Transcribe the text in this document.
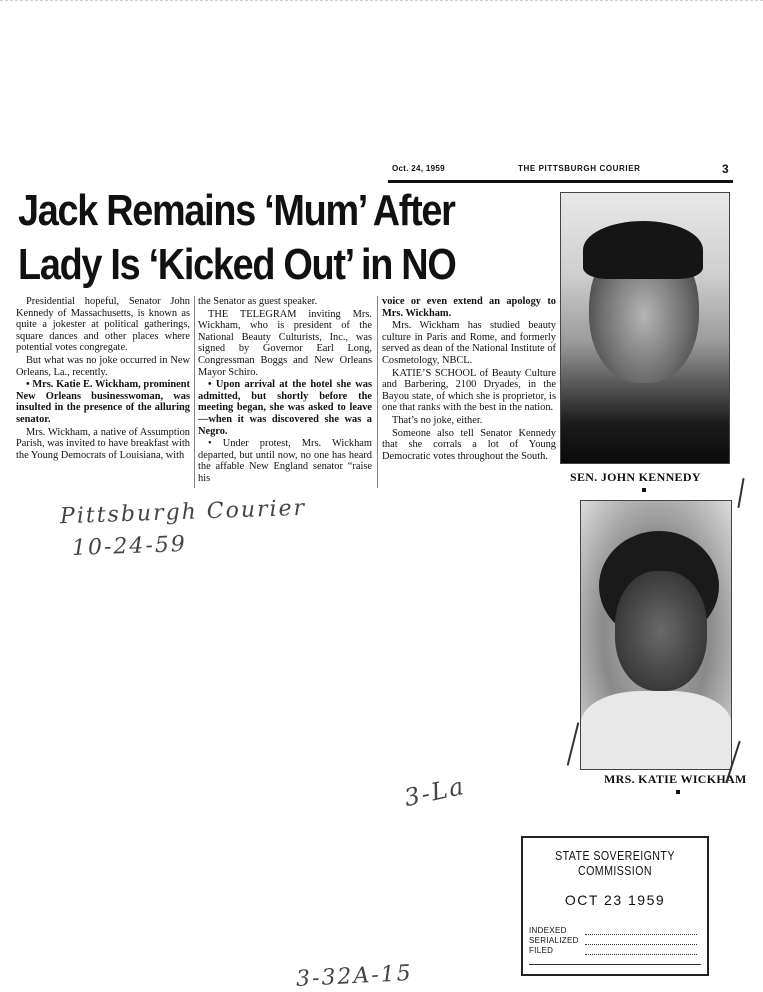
Oct. 24, 1959	THE PITTSBURGH COURIER	3
Jack Remains ‘Mum’ After
Lady Is ‘Kicked Out’ in NO

Presidential hopeful, Senator John Kennedy of Massachusetts, is known as quite a jokester at political gatherings, square dances and other places where potential votes congregate.

But what was no joke occurred in New Orleans, La., recently.

• Mrs. Katie E. Wickham, prominent New Orleans businesswoman, was insulted in the presence of the alluring senator.

Mrs. Wickham, a native of Assumption Parish, was invited to have breakfast with the Young Democrats of Louisiana, with

the Senator as guest speaker.

THE TELEGRAM inviting Mrs. Wickham, who is president of the National Beauty Culturists, Inc., was signed by Governor Earl Long, Congressman Boggs and New Orleans Mayor Schiro.

• Upon arrival at the hotel she was admitted, but shortly before the meeting began, she was asked to leave—when it was discovered she was a Negro.

• Under protest, Mrs. Wickham departed, but until now, no one has heard the affable New England senator “raise his

voice or even extend an apology to Mrs. Wickham.

Mrs. Wickham has studied beauty culture in Paris and Rome, and formerly served as dean of the National Institute of Cosmetology, NBCL.

KATIE’S SCHOOL of Beauty Culture and Barbering, 2100 Dryades, in the Bayou state, of which she is proprietor, is one that ranks with the best in the nation.

That’s no joke, either.

Someone also tell Senator Kennedy that she corrals a lot of Young Democratic votes throughout the South.

SEN. JOHN KENNEDY
MRS. KATIE WICKHAM
Pittsburgh Courier
10-24-59
3-La
3-32A-15
STATE SOVEREIGNTY COMMISSION
OCT 23 1959
INDEXED
SERIALIZED
FILED
